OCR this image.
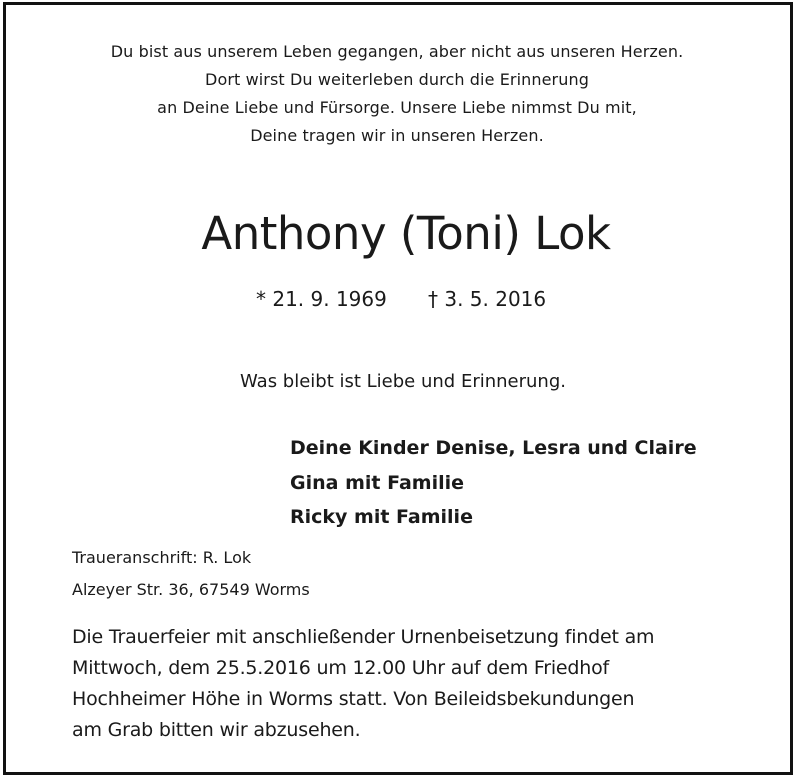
Du bist aus unserem Leben gegangen, aber nicht aus unseren Herzen.
Dort wirst Du weiterleben durch die Erinnerung
an Deine Liebe und Fürsorge. Unsere Liebe nimmst Du mit,
Deine tragen wir in unseren Herzen.
Anthony (Toni) Lok
* 21. 9. 1969 † 3. 5. 2016
Was bleibt ist Liebe und Erinnerung.
Deine Kinder Denise, Lesra und Claire
Gina mit Familie
Ricky mit Familie
Traueranschrift: R. Lok
Alzeyer Str. 36, 67549 Worms
Die Trauerfeier mit anschließender Urnenbeisetzung findet am
Mittwoch, dem 25.5.2016 um 12.00 Uhr auf dem Friedhof
Hochheimer Höhe in Worms statt. Von Beileidsbekundungen
am Grab bitten wir abzusehen.
